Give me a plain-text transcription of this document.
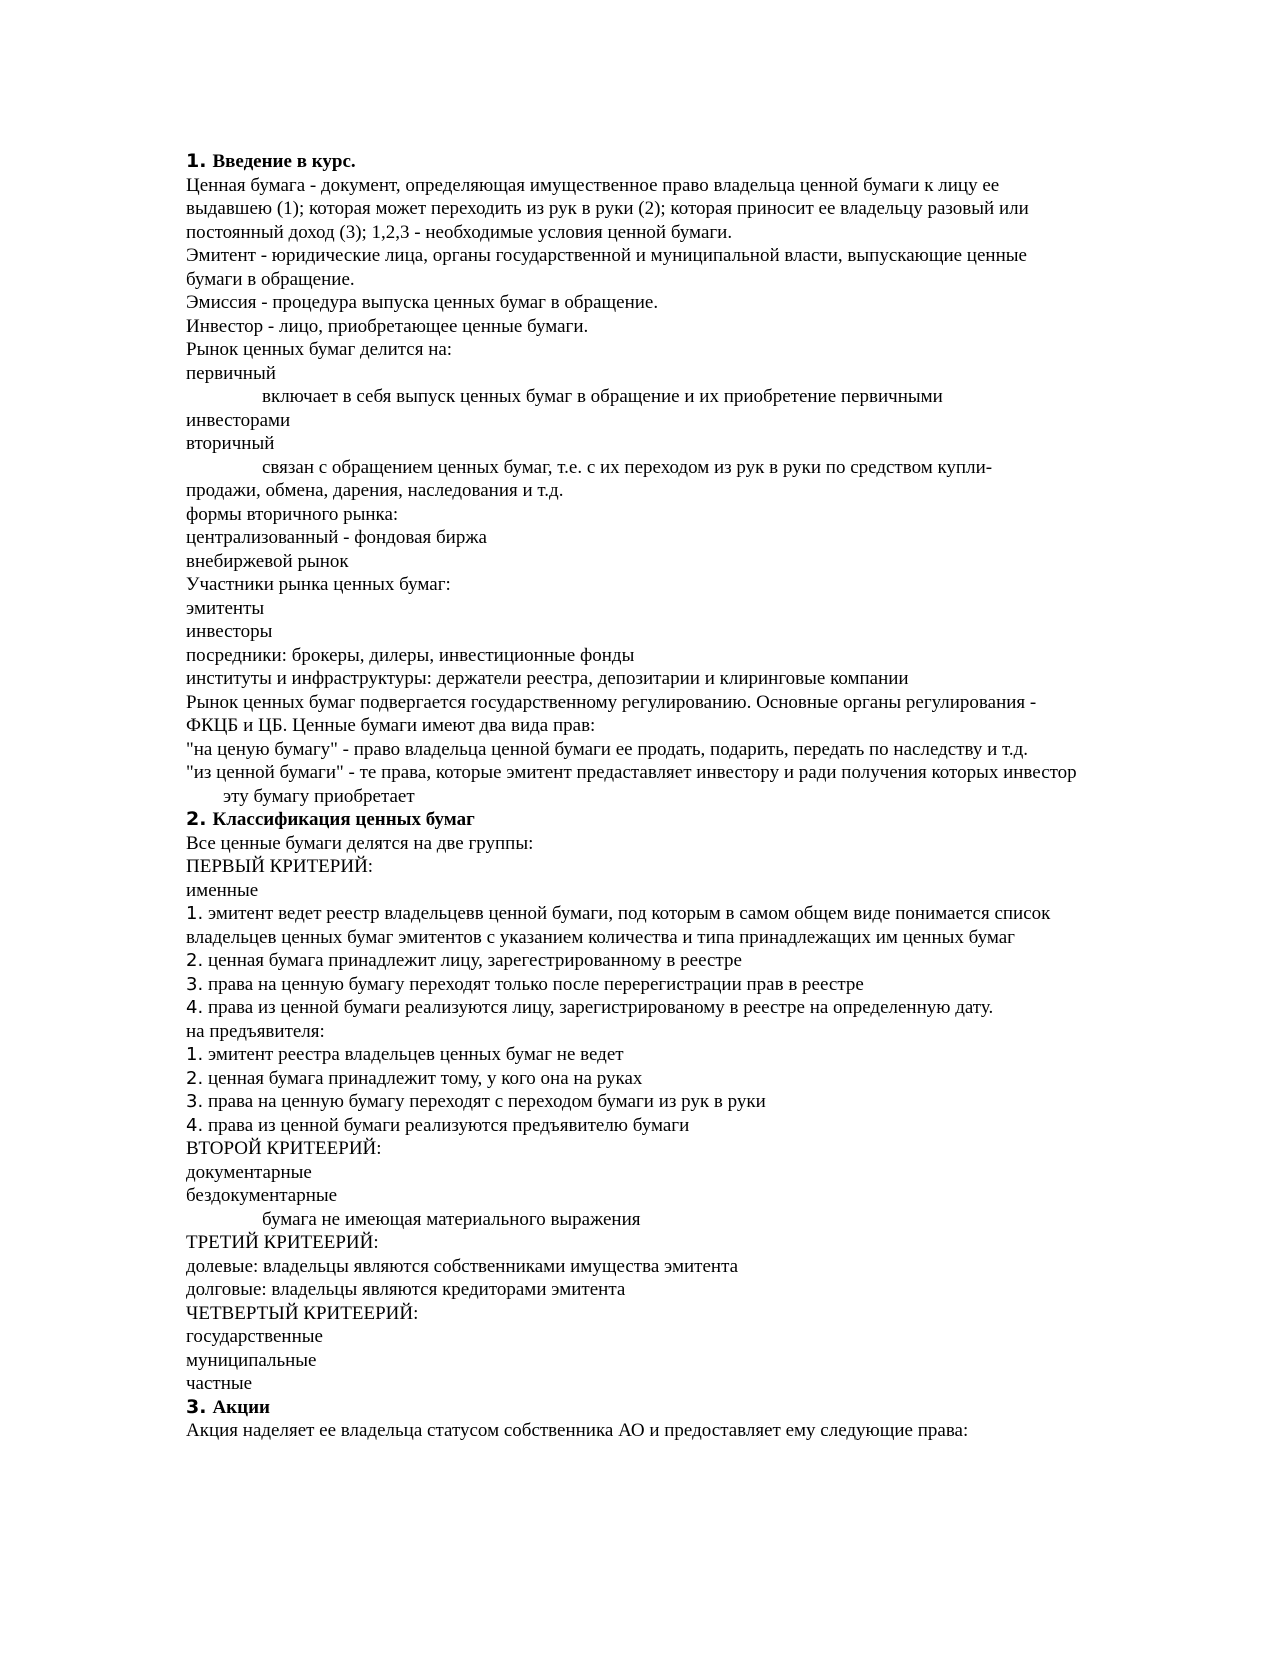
1. Введение в курс.

Ценная бумага - документ, определяющая имущественное право владельца ценной бумаги к лицу ее выдавшею (1); которая может переходить из рук в руки (2); которая приносит ее владельцу разовый или постоянный доход (3); 1,2,3 - необходимые условия ценной бумаги.

Эмитент - юридические лица, органы государственной и муниципальной власти, выпускающие ценные бумаги в обращение.

Эмиссия - процедура выпуска ценных бумаг в обращение.

Инвестор - лицо, приобретающее ценные бумаги.

Рынок ценных бумаг делится на:

первичный

включает в себя выпуск ценных бумаг в обращение и их приобретение первичными

инвесторами

вторичный

связан с обращением ценных бумаг, т.е. с их переходом из рук в руки по средством купли-

продажи, обмена, дарения, наследования и т.д.

формы вторичного рынка:

централизованный - фондовая биржа

внебиржевой рынок

Участники рынка ценных бумаг:

эмитенты

инвесторы

посредники: брокеры, дилеры, инвестиционные фонды

институты и инфраструктуры: держатели реестра, депозитарии и клиринговые компании

Рынок ценных бумаг подвергается государственному регулированию. Основные органы регулирования - ФКЦБ и ЦБ. Ценные бумаги имеют два вида прав:

"на ценую бумагу" - право владельца ценной бумаги ее продать, подарить, передать по наследству и т.д.

"из ценной бумаги" - те права, которые эмитент предаставляет инвестору и ради получения которых инвестор эту бумагу приобретает

2. Классификация ценных бумаг

Все ценные бумаги делятся на две группы:

ПЕРВЫЙ КРИТЕРИЙ:

именные

1. эмитент ведет реестр владельцевв ценной бумаги, под которым в самом общем виде понимается список владельцев ценных бумаг эмитентов с указанием количества и типа принадлежащих им ценных бумаг

2. ценная бумага принадлежит лицу, зарегестрированному в реестре

3. права на ценную бумагу переходят только после перерегистрации прав в реестре

4. права из ценной бумаги реализуются лицу, зарегистрированому в реестре на определенную дату.

на предъявителя:

1. эмитент реестра владельцев ценных бумаг не ведет

2. ценная бумага принадлежит тому, у кого она на руках

3. права на ценную бумагу переходят с переходом бумаги из рук в руки

4. права из ценной бумаги реализуются предъявителю бумаги

ВТОРОЙ КРИТЕЕРИЙ:

документарные

бездокументарные

бумага не имеющая материального выражения

ТРЕТИЙ КРИТЕЕРИЙ:

долевые: владельцы являются собственниками имущества эмитента

долговые: владельцы являются кредиторами эмитента

ЧЕТВЕРТЫЙ КРИТЕЕРИЙ:

государственные

муниципальные

частные

3. Акции

Акция наделяет ее владельца статусом собственника АО и предоставляет ему следующие права:
